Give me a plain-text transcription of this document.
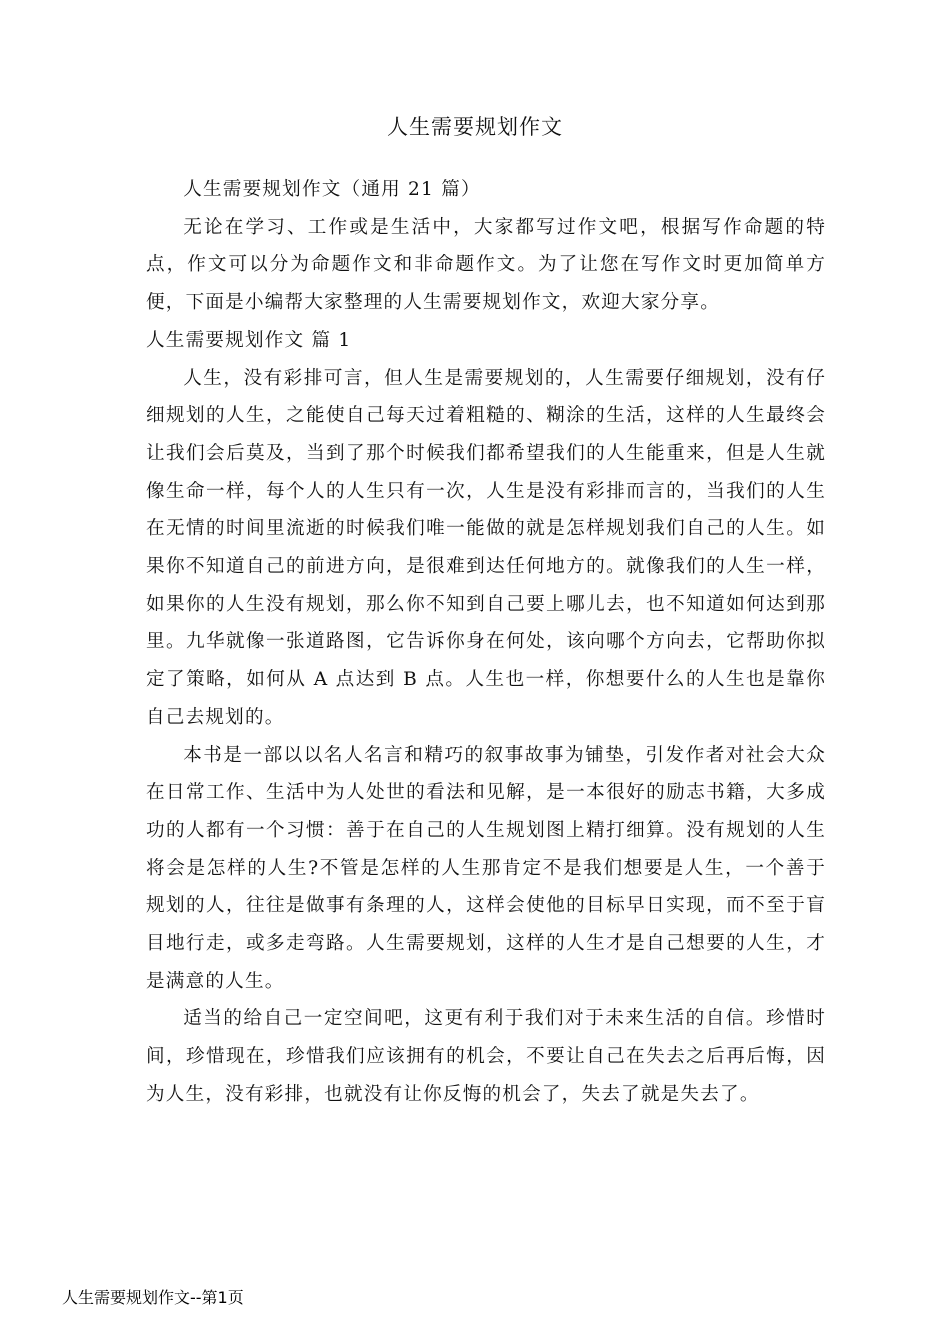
人生需要规划作文

人生需要规划作文（通用 21 篇）

无论在学习、工作或是生活中，大家都写过作文吧，根据写作命题的特点，作文可以分为命题作文和非命题作文。为了让您在写作文时更加简单方便，下面是小编帮大家整理的人生需要规划作文，欢迎大家分享。

人生需要规划作文 篇 1

人生，没有彩排可言，但人生是需要规划的，人生需要仔细规划，没有仔细规划的人生，之能使自己每天过着粗糙的、糊涂的生活，这样的人生最终会让我们会后莫及，当到了那个时候我们都希望我们的人生能重来，但是人生就像生命一样，每个人的人生只有一次，人生是没有彩排而言的，当我们的人生在无情的时间里流逝的时候我们唯一能做的就是怎样规划我们自己的人生。如果你不知道自己的前进方向，是很难到达任何地方的。就像我们的人生一样，如果你的人生没有规划，那么你不知到自己要上哪儿去，也不知道如何达到那里。九华就像一张道路图，它告诉你身在何处，该向哪个方向去，它帮助你拟定了策略，如何从 A 点达到 B 点。人生也一样，你想要什么的人生也是靠你自己去规划的。

本书是一部以以名人名言和精巧的叙事故事为铺垫，引发作者对社会大众在日常工作、生活中为人处世的看法和见解，是一本很好的励志书籍，大多成功的人都有一个习惯：善于在自己的人生规划图上精打细算。没有规划的人生将会是怎样的人生?不管是怎样的人生那肯定不是我们想要是人生，一个善于规划的人，往往是做事有条理的人，这样会使他的目标早日实现，而不至于盲目地行走，或多走弯路。人生需要规划，这样的人生才是自己想要的人生，才是满意的人生。

适当的给自己一定空间吧，这更有利于我们对于未来生活的自信。珍惜时间，珍惜现在，珍惜我们应该拥有的机会，不要让自己在失去之后再后悔，因为人生，没有彩排，也就没有让你反悔的机会了，失去了就是失去了。

人生需要规划作文--第1页
